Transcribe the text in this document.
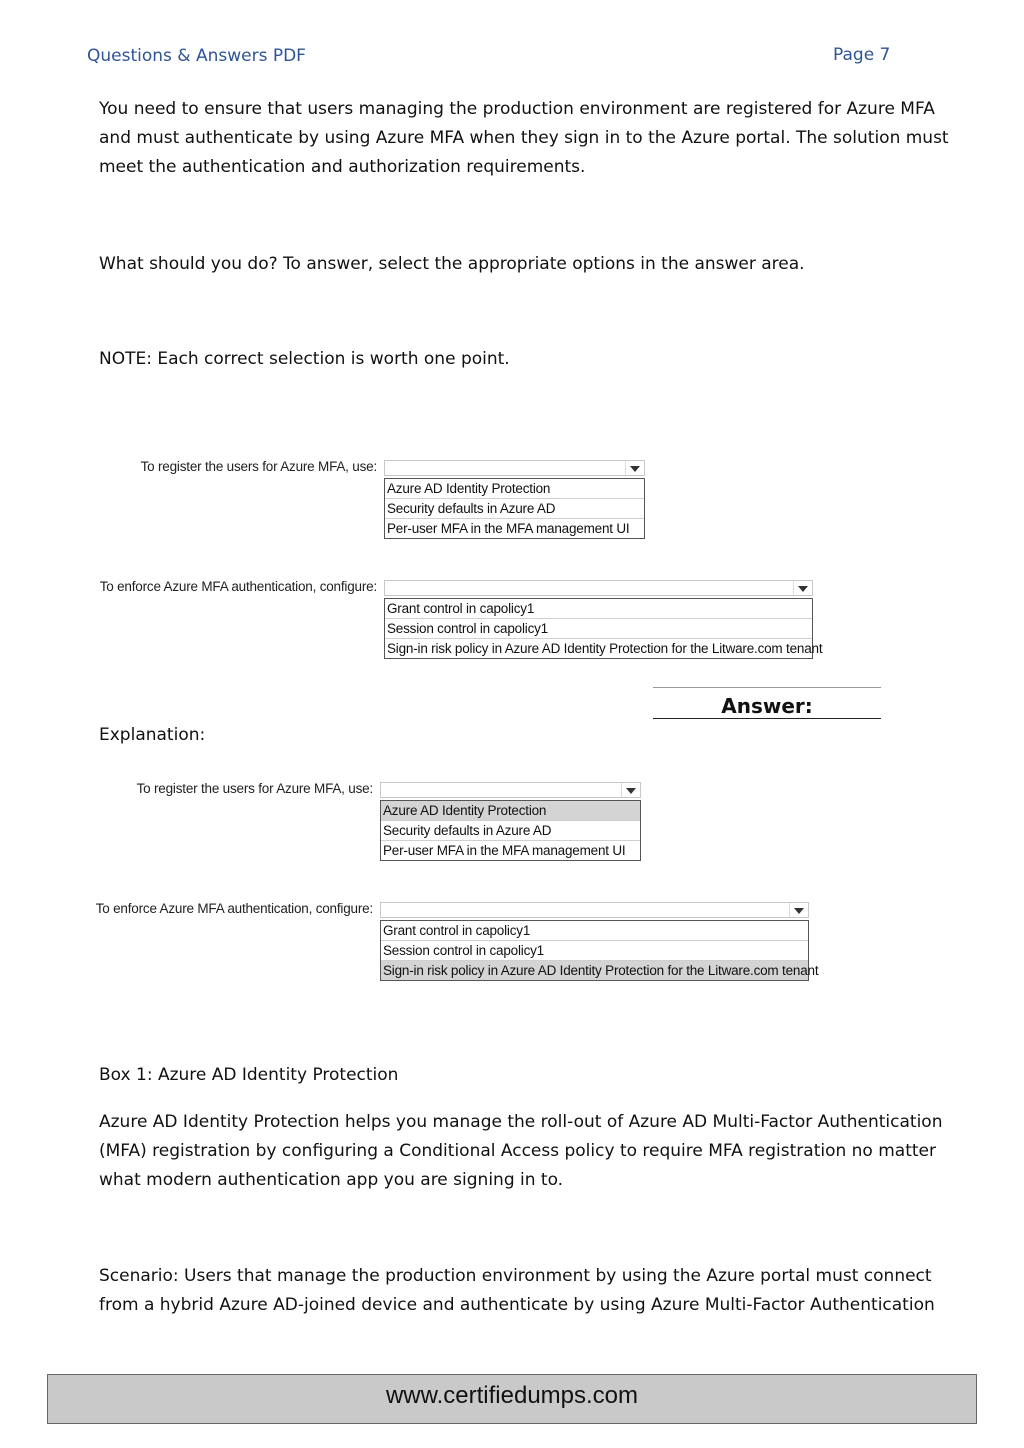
Questions & Answers PDF	Page 7
You need to ensure that users managing the production environment are registered for Azure MFA and must authenticate by using Azure MFA when they sign in to the Azure portal. The solution must meet the authentication and authorization requirements.
What should you do? To answer, select the appropriate options in the answer area.
NOTE: Each correct selection is worth one point.
To register the users for Azure MFA, use:
Azure AD Identity Protection
Security defaults in Azure AD
Per-user MFA in the MFA management UI
To enforce Azure MFA authentication, configure:
Grant control in capolicy1
Session control in capolicy1
Sign-in risk policy in Azure AD Identity Protection for the Litware.com tenant
Answer:
Explanation:
To register the users for Azure MFA, use:
Azure AD Identity Protection
Security defaults in Azure AD
Per-user MFA in the MFA management UI
To enforce Azure MFA authentication, configure:
Grant control in capolicy1
Session control in capolicy1
Sign-in risk policy in Azure AD Identity Protection for the Litware.com tenant
Box 1: Azure AD Identity Protection
Azure AD Identity Protection helps you manage the roll-out of Azure AD Multi-Factor Authentication (MFA) registration by configuring a Conditional Access policy to require MFA registration no matter what modern authentication app you are signing in to.
Scenario: Users that manage the production environment by using the Azure portal must connect from a hybrid Azure AD-joined device and authenticate by using Azure Multi-Factor Authentication
www.certifiedumps.com
